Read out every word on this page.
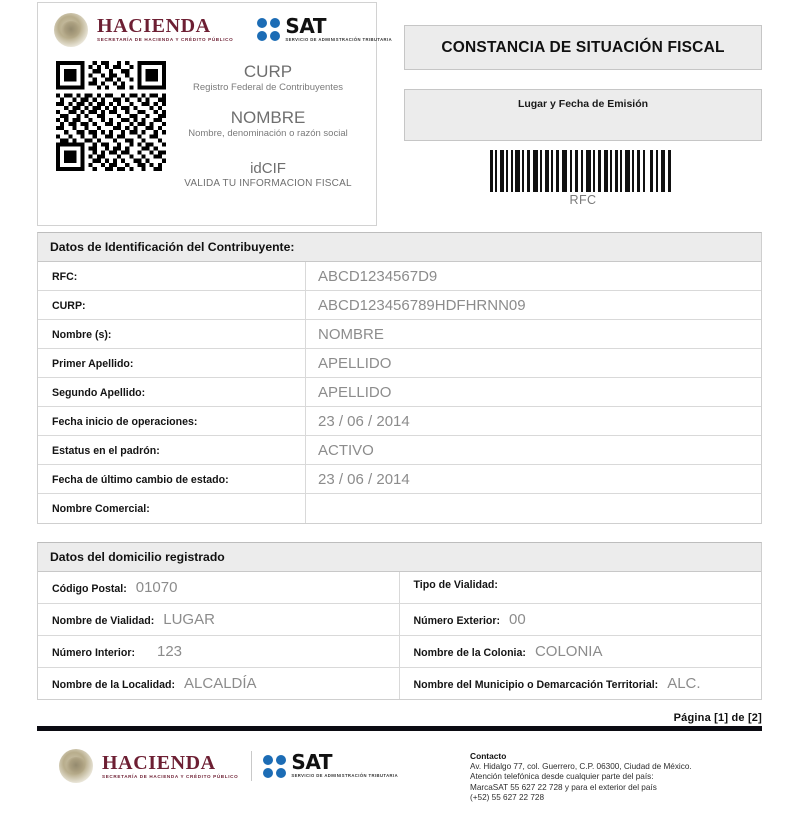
HACIENDA
SECRETARÍA DE HACIENDA Y CRÉDITO PÚBLICO
SAT
SERVICIO DE ADMINISTRACIÓN TRIBUTARIA
CURP
Registro Federal de Contribuyentes
NOMBRE
Nombre, denominación o razón social
idCIF
VALIDA TU INFORMACION FISCAL
CONSTANCIA DE SITUACIÓN FISCAL
Lugar y Fecha de Emisión
RFC
Datos de Identificación del Contribuyente:
RFC:	ABCD1234567D9
CURP:	ABCD123456789HDFHRNN09
Nombre (s):	NOMBRE
Primer Apellido:	APELLIDO
Segundo Apellido:	APELLIDO
Fecha inicio de operaciones:	23 / 06 / 2014
Estatus en el padrón:	ACTIVO
Fecha de último cambio de estado:	23 / 06 / 2014
Nombre Comercial:
Datos del domicilio registrado
Código Postal: 01070	Tipo de Vialidad:
Nombre de Vialidad: LUGAR	Número Exterior: 00
Número Interior: 123	Nombre de la Colonia: COLONIA
Nombre de la Localidad: ALCALDÍA	Nombre del Municipio o Demarcación Territorial: ALC.
Página [1] de [2]
HACIENDA
SECRETARÍA DE HACIENDA Y CRÉDITO PÚBLICO
SAT
SERVICIO DE ADMINISTRACIÓN TRIBUTARIA
Contacto
Av. Hidalgo 77, col. Guerrero, C.P. 06300, Ciudad de México.
Atención telefónica desde cualquier parte del país:
MarcaSAT 55 627 22 728 y para el exterior del país
(+52) 55 627 22 728
